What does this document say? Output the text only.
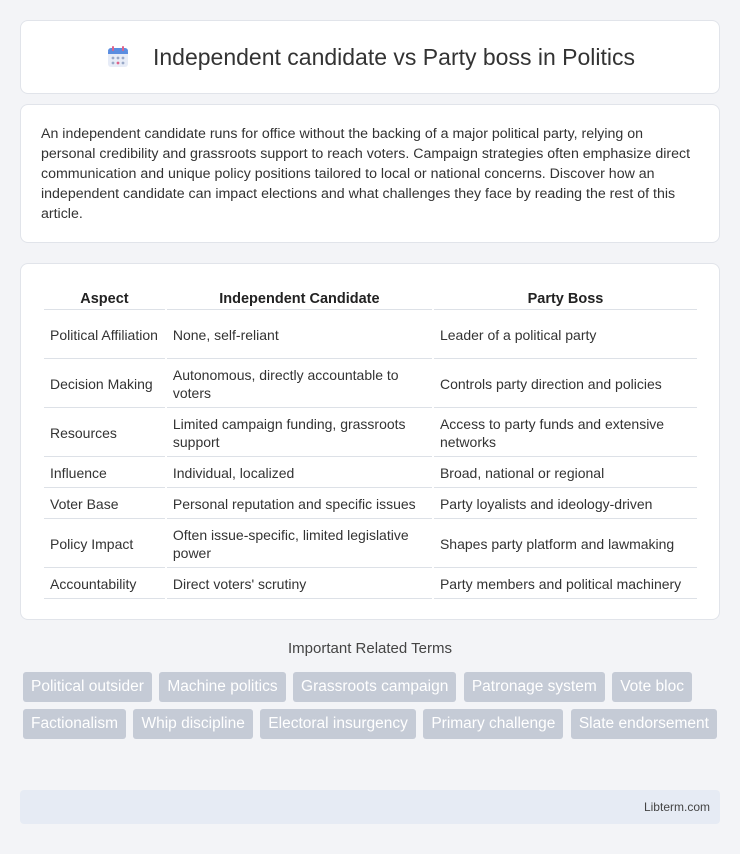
Independent candidate vs Party boss in Politics

An independent candidate runs for office without the backing of a major political party, relying on personal credibility and grassroots support to reach voters. Campaign strategies often emphasize direct communication and unique policy positions tailored to local or national concerns. Discover how an independent candidate can impact elections and what challenges they face by reading the rest of this article.

Aspect	Independent Candidate	Party Boss
Political Affiliation	None, self-reliant	Leader of a political party
Decision Making	Autonomous, directly accountable to voters	Controls party direction and policies
Resources	Limited campaign funding, grassroots support	Access to party funds and extensive networks
Influence	Individual, localized	Broad, national or regional
Voter Base	Personal reputation and specific issues	Party loyalists and ideology-driven
Policy Impact	Often issue-specific, limited legislative power	Shapes party platform and lawmaking
Accountability	Direct voters' scrutiny	Party members and political machinery
Important Related Terms
Political outsider Machine politics Grassroots campaign Patronage system Vote bloc Factionalism Whip discipline Electoral insurgency Primary challenge Slate endorsement
Libterm.com
